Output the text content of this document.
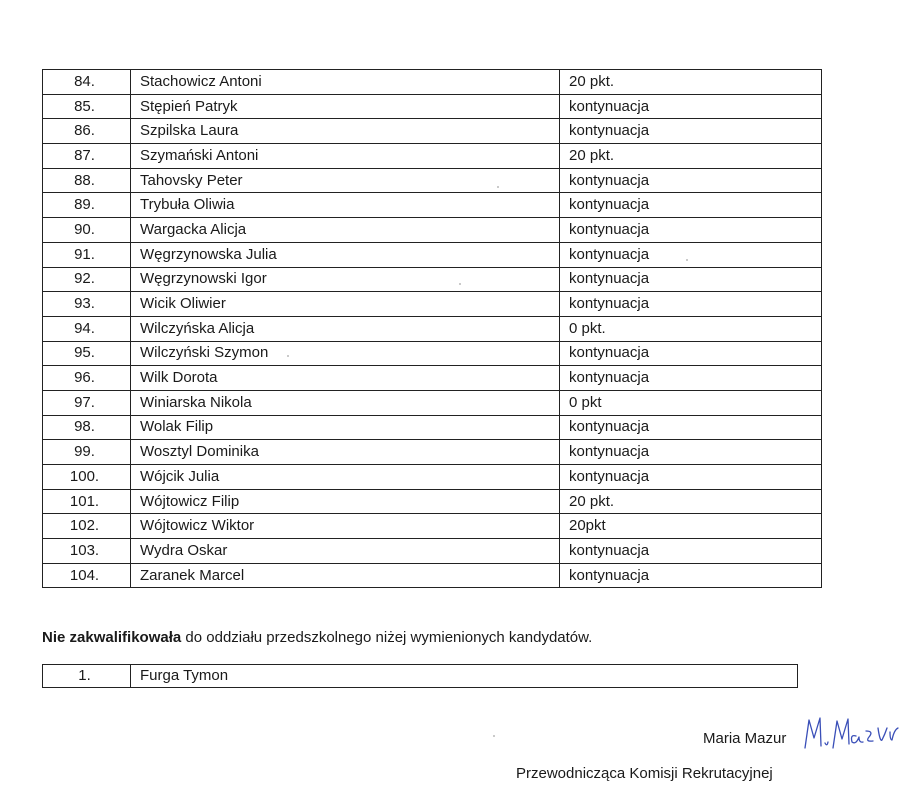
84.	Stachowicz Antoni	20 pkt.
85.	Stępień Patryk	kontynuacja
86.	Szpilska Laura	kontynuacja
87.	Szymański Antoni	20 pkt.
88.	Tahovsky Peter	kontynuacja
89.	Trybuła Oliwia	kontynuacja
90.	Wargacka Alicja	kontynuacja
91.	Węgrzynowska Julia	kontynuacja
92.	Węgrzynowski Igor	kontynuacja
93.	Wicik Oliwier	kontynuacja
94.	Wilczyńska Alicja	0 pkt.
95.	Wilczyński Szymon	kontynuacja
96.	Wilk Dorota	kontynuacja
97.	Winiarska Nikola	0 pkt
98.	Wolak Filip	kontynuacja
99.	Wosztyl Dominika	kontynuacja
100.	Wójcik Julia	kontynuacja
101.	Wójtowicz Filip	20 pkt.
102.	Wójtowicz Wiktor	20pkt
103.	Wydra Oskar	kontynuacja
104.	Zaranek Marcel	kontynuacja
Nie zakwalifikowała do oddziału przedszkolnego niżej wymienionych kandydatów.
1.	Furga Tymon
Maria Mazur
Przewodnicząca Komisji Rekrutacyjnej
